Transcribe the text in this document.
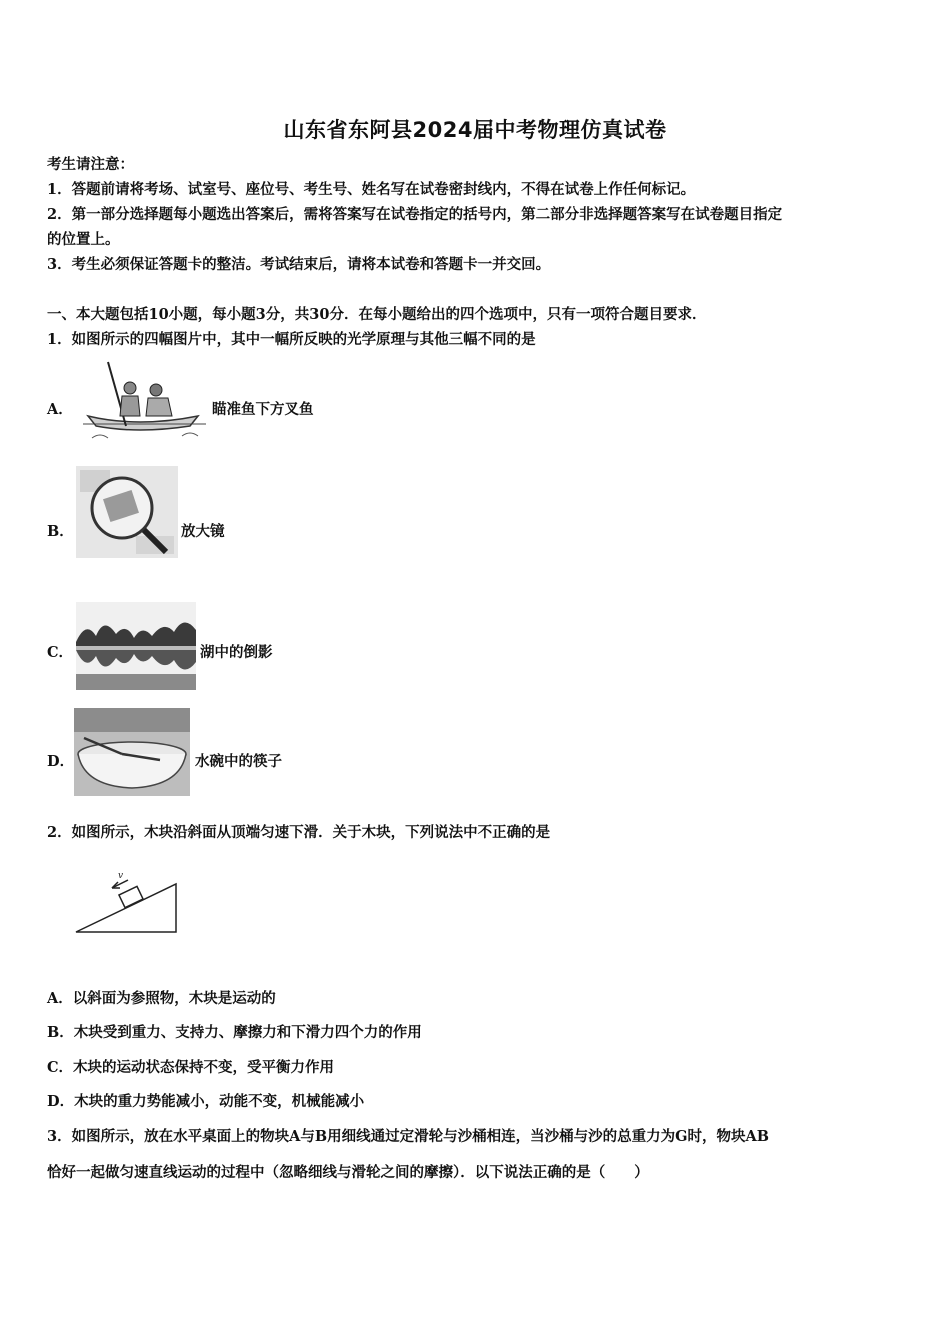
山东省东阿县2024届中考物理仿真试卷
考生请注意：
1．答题前请将考场、试室号、座位号、考生号、姓名写在试卷密封线内，不得在试卷上作任何标记。
2．第一部分选择题每小题选出答案后，需将答案写在试卷指定的括号内，第二部分非选择题答案写在试卷题目指定
的位置上。
3．考生必须保证答题卡的整洁。考试结束后，请将本试卷和答题卡一并交回。
一、本大题包括10小题，每小题3分，共30分．在每小题给出的四个选项中，只有一项符合题目要求．
1．如图所示的四幅图片中，其中一幅所反映的光学原理与其他三幅不同的是
A．	瞄准鱼下方叉鱼
B．	放大镜
C．	湖中的倒影
D．	水碗中的筷子
2．如图所示，木块沿斜面从顶端匀速下滑．关于木块，下列说法中不正确的是
v
A．以斜面为参照物，木块是运动的
B．木块受到重力、支持力、摩擦力和下滑力四个力的作用
C．木块的运动状态保持不变，受平衡力作用
D．木块的重力势能减小，动能不变，机械能减小
3．如图所示，放在水平桌面上的物块A与B用细线通过定滑轮与沙桶相连，当沙桶与沙的总重力为G时，物块AB
恰好一起做匀速直线运动的过程中（忽略细线与滑轮之间的摩擦）．以下说法正确的是（　　）
